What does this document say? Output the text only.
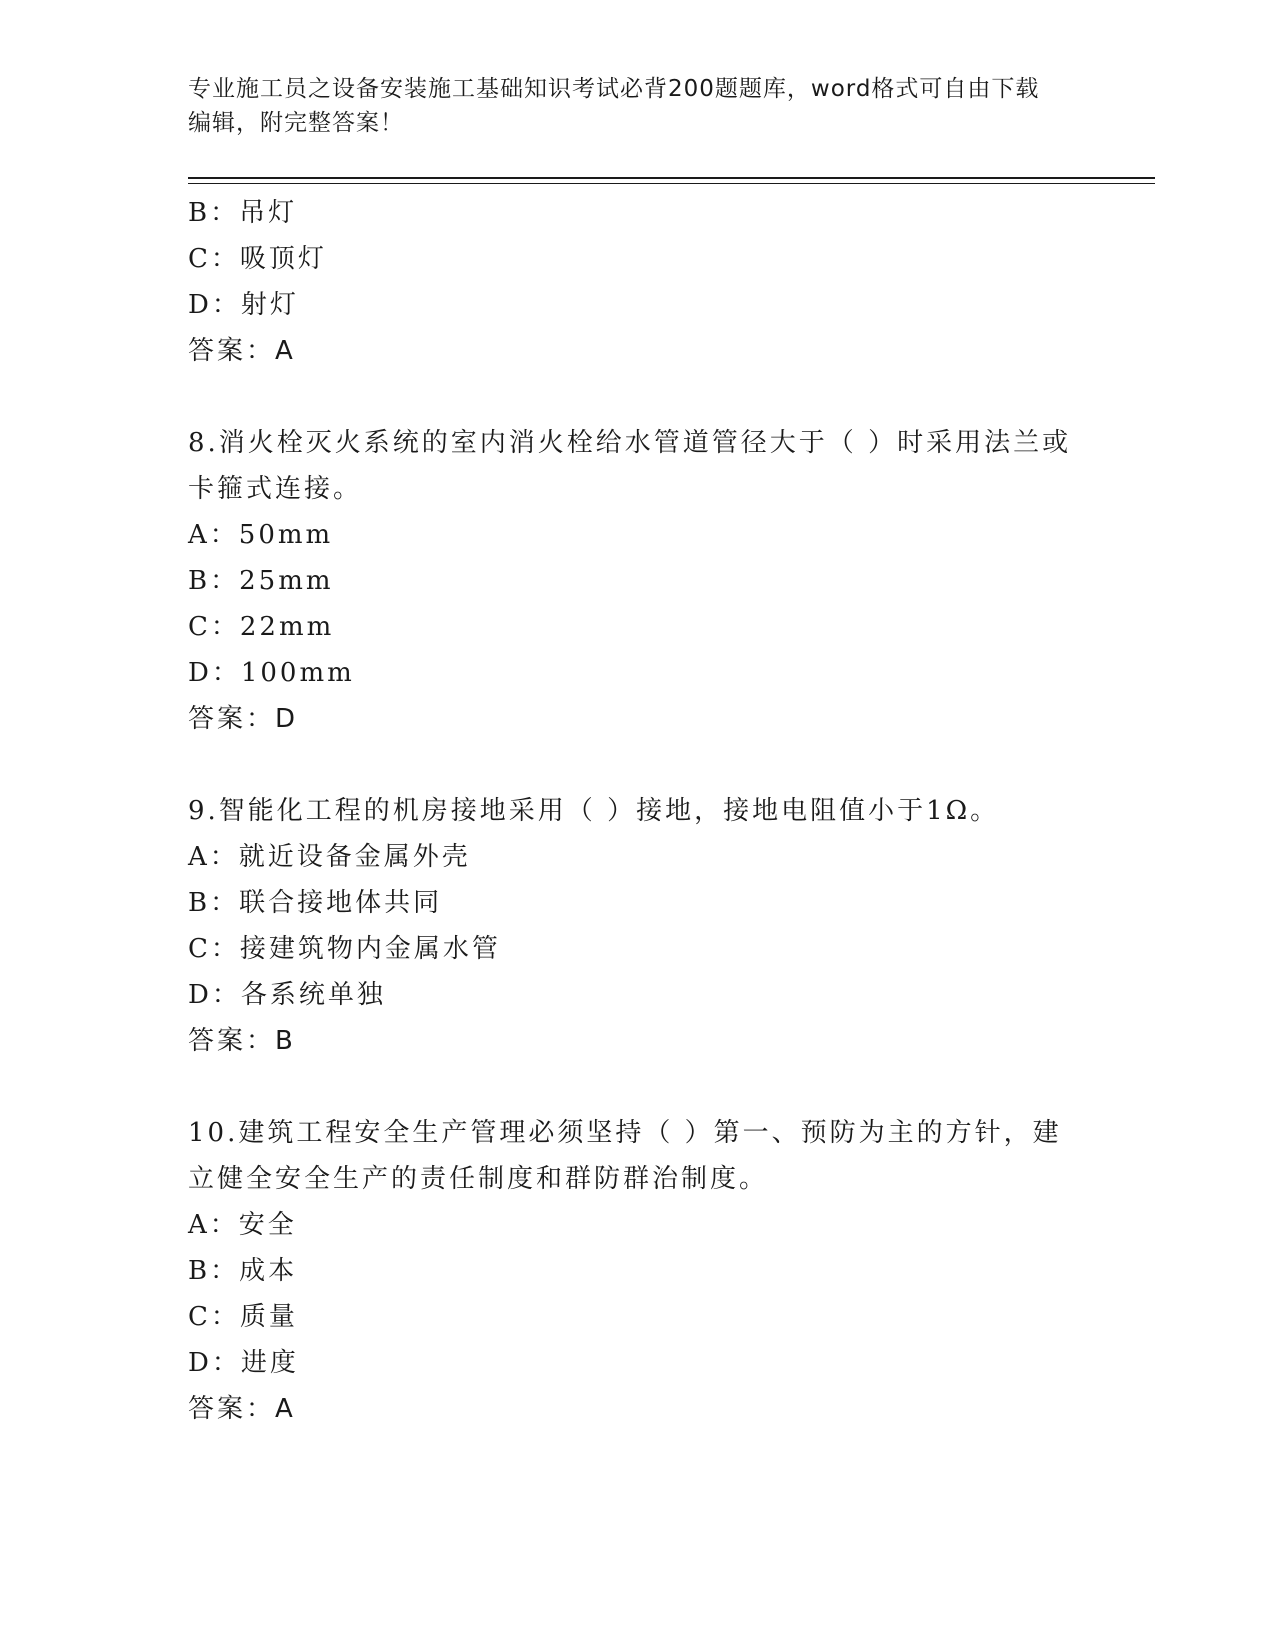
专业施工员之设备安装施工基础知识考试必背200题题库，word格式可自由下载
编辑，附完整答案！
B：吊灯
C：吸顶灯
D：射灯
答案：A
8.消火栓灭火系统的室内消火栓给水管道管径大于（ ）时采用法兰或
卡箍式连接。
A：50mm
B：25mm
C：22mm
D：100mm
答案：D
9.智能化工程的机房接地采用（ ）接地，接地电阻值小于1Ω。
A：就近设备金属外壳
B：联合接地体共同
C：接建筑物内金属水管
D：各系统单独
答案：B
10.建筑工程安全生产管理必须坚持（ ）第一、预防为主的方针，建
立健全安全生产的责任制度和群防群治制度。
A：安全
B：成本
C：质量
D：进度
答案：A
